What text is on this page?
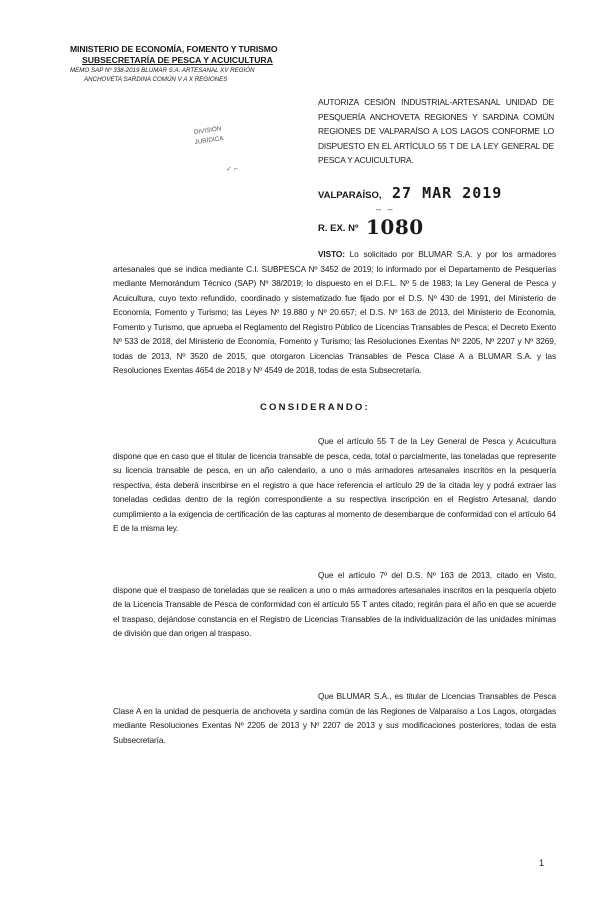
MINISTERIO DE ECONOMÍA, FOMENTO Y TURISMO
SUBSECRETARÍA DE PESCA Y ACUICULTURA
MEMO SAP Nº 338-2019 BLUMAR S.A. ARTESANAL XV REGIÓN
ANCHOVETA SARDINA COMÚN V A X REGIONES
DIVISIÓN
JURÍDICA
✓ ⌐
AUTORIZA CESIÓN INDUSTRIAL-ARTESANAL UNIDAD DE PESQUERÍA ANCHOVETA REGIONES Y SARDINA COMÚN REGIONES DE VALPARAÍSO A LOS LAGOS CONFORME LO DISPUESTO EN EL ARTÍCULO 55 T DE LA LEY GENERAL DE PESCA Y ACUICULTURA.
VALPARAÍSO,
– –
27 MAR 2019
R. EX. Nº 1080
VISTO: Lo solicitado por BLUMAR S.A. y por los armadores artesanales que se indica mediante C.I. SUBPESCA Nº 3452 de 2019; lo informado por el Departamento de Pesquerías mediante Memorándum Técnico (SAP) Nº 38/2019; lo dispuesto en el D.F.L. Nº 5 de 1983; la Ley General de Pesca y Acuicultura, cuyo texto refundido, coordinado y sistematizado fue fijado por el D.S. Nº 430 de 1991, del Ministerio de Economía, Fomento y Turismo; las Leyes Nº 19.880 y Nº 20.657; el D.S. Nº 163 de 2013, del Ministerio de Economía, Fomento y Turismo, que aprueba el Reglamento del Registro Público de Licencias Transables de Pesca; el Decreto Exento Nº 533 de 2018, del Ministerio de Economía, Fomento y Turismo; las Resoluciones Exentas Nº 2205, Nº 2207 y Nº 3269, todas de 2013, Nº 3520 de 2015, que otorgaron Licencias Transables de Pesca Clase A a BLUMAR S.A. y las Resoluciones Exentas 4654 de 2018 y Nº 4549 de 2018, todas de esta Subsecretaría.
CONSIDERANDO:
Que el artículo 55 T de la Ley General de Pesca y Acuicultura dispone que en caso que el titular de licencia transable de pesca, ceda, total o parcialmente, las toneladas que represente su licencia transable de pesca, en un año calendario, a uno o más armadores artesanales inscritos en la pesquería respectiva, ésta deberá inscribirse en el registro a que hace referencia el artículo 29 de la citada ley y podrá extraer las toneladas cedidas dentro de la región correspondiente a su respectiva inscripción en el Registro Artesanal, dando cumplimiento a la exigencia de certificación de las capturas al momento de desembarque de conformidad con el artículo 64 E de la misma ley.
Que el artículo 7º del D.S. Nº 163 de 2013, citado en Visto, dispone que el traspaso de toneladas que se realicen a uno o más armadores artesanales inscritos en la pesquería objeto de la Licencia Transable de Pesca de conformidad con el artículo 55 T antes citado, regirán para el año en que se acuerde el traspaso, dejándose constancia en el Registro de Licencias Transables de la individualización de las unidades mínimas de división que dan origen al traspaso.
Que BLUMAR S.A., es titular de Licencias Transables de Pesca Clase A en la unidad de pesquería de anchoveta y sardina común de las Regiones de Valparaíso a Los Lagos, otorgadas mediante Resoluciones Exentas Nº 2205 de 2013 y Nº 2207 de 2013 y sus modificaciones posteriores, todas de esta Subsecretaría.
1
